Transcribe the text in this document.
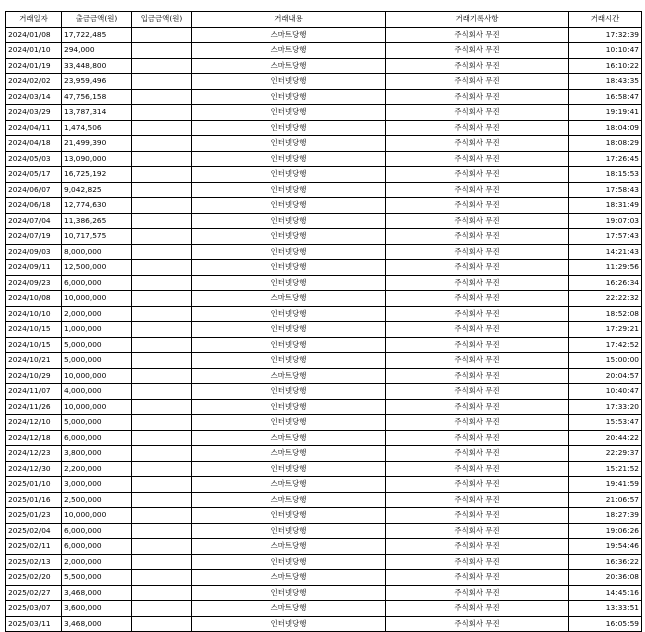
거래일자	출금금액(원)	입금금액(원)	거래내용	거래기록사항	거래시간
2024/01/08	17,722,485		스마트당행	주식회사 무진	17:32:39
2024/01/10	294,000		스마트당행	주식회사 무진	10:10:47
2024/01/19	33,448,800		스마트당행	주식회사 무진	16:10:22
2024/02/02	23,959,496		인터넷당행	주식회사 무진	18:43:35
2024/03/14	47,756,158		인터넷당행	주식회사 무진	16:58:47
2024/03/29	13,787,314		인터넷당행	주식회사 무진	19:19:41
2024/04/11	1,474,506		인터넷당행	주식회사 무진	18:04:09
2024/04/18	21,499,390		인터넷당행	주식회사 무진	18:08:29
2024/05/03	13,090,000		인터넷당행	주식회사 무진	17:26:45
2024/05/17	16,725,192		인터넷당행	주식회사 무진	18:15:53
2024/06/07	9,042,825		인터넷당행	주식회사 무진	17:58:43
2024/06/18	12,774,630		인터넷당행	주식회사 무진	18:31:49
2024/07/04	11,386,265		인터넷당행	주식회사 무진	19:07:03
2024/07/19	10,717,575		인터넷당행	주식회사 무진	17:57:43
2024/09/03	8,000,000		인터넷당행	주식회사 무진	14:21:43
2024/09/11	12,500,000		인터넷당행	주식회사 무진	11:29:56
2024/09/23	6,000,000		인터넷당행	주식회사 무진	16:26:34
2024/10/08	10,000,000		스마트당행	주식회사 무진	22:22:32
2024/10/10	2,000,000		인터넷당행	주식회사 무진	18:52:08
2024/10/15	1,000,000		인터넷당행	주식회사 무진	17:29:21
2024/10/15	5,000,000		인터넷당행	주식회사 무진	17:42:52
2024/10/21	5,000,000		인터넷당행	주식회사 무진	15:00:00
2024/10/29	10,000,000		스마트당행	주식회사 무진	20:04:57
2024/11/07	4,000,000		인터넷당행	주식회사 무진	10:40:47
2024/11/26	10,000,000		인터넷당행	주식회사 무진	17:33:20
2024/12/10	5,000,000		인터넷당행	주식회사 무진	15:53:47
2024/12/18	6,000,000		스마트당행	주식회사 무진	20:44:22
2024/12/23	3,800,000		스마트당행	주식회사 무진	22:29:37
2024/12/30	2,200,000		인터넷당행	주식회사 무진	15:21:52
2025/01/10	3,000,000		스마트당행	주식회사 무진	19:41:59
2025/01/16	2,500,000		스마트당행	주식회사 무진	21:06:57
2025/01/23	10,000,000		인터넷당행	주식회사 무진	18:27:39
2025/02/04	6,000,000		인터넷당행	주식회사 무진	19:06:26
2025/02/11	6,000,000		스마트당행	주식회사 무진	19:54:46
2025/02/13	2,000,000		인터넷당행	주식회사 무진	16:36:22
2025/02/20	5,500,000		스마트당행	주식회사 무진	20:36:08
2025/02/27	3,468,000		인터넷당행	주식회사 무진	14:45:16
2025/03/07	3,600,000		스마트당행	주식회사 무진	13:33:51
2025/03/11	3,468,000		인터넷당행	주식회사 무진	16:05:59
